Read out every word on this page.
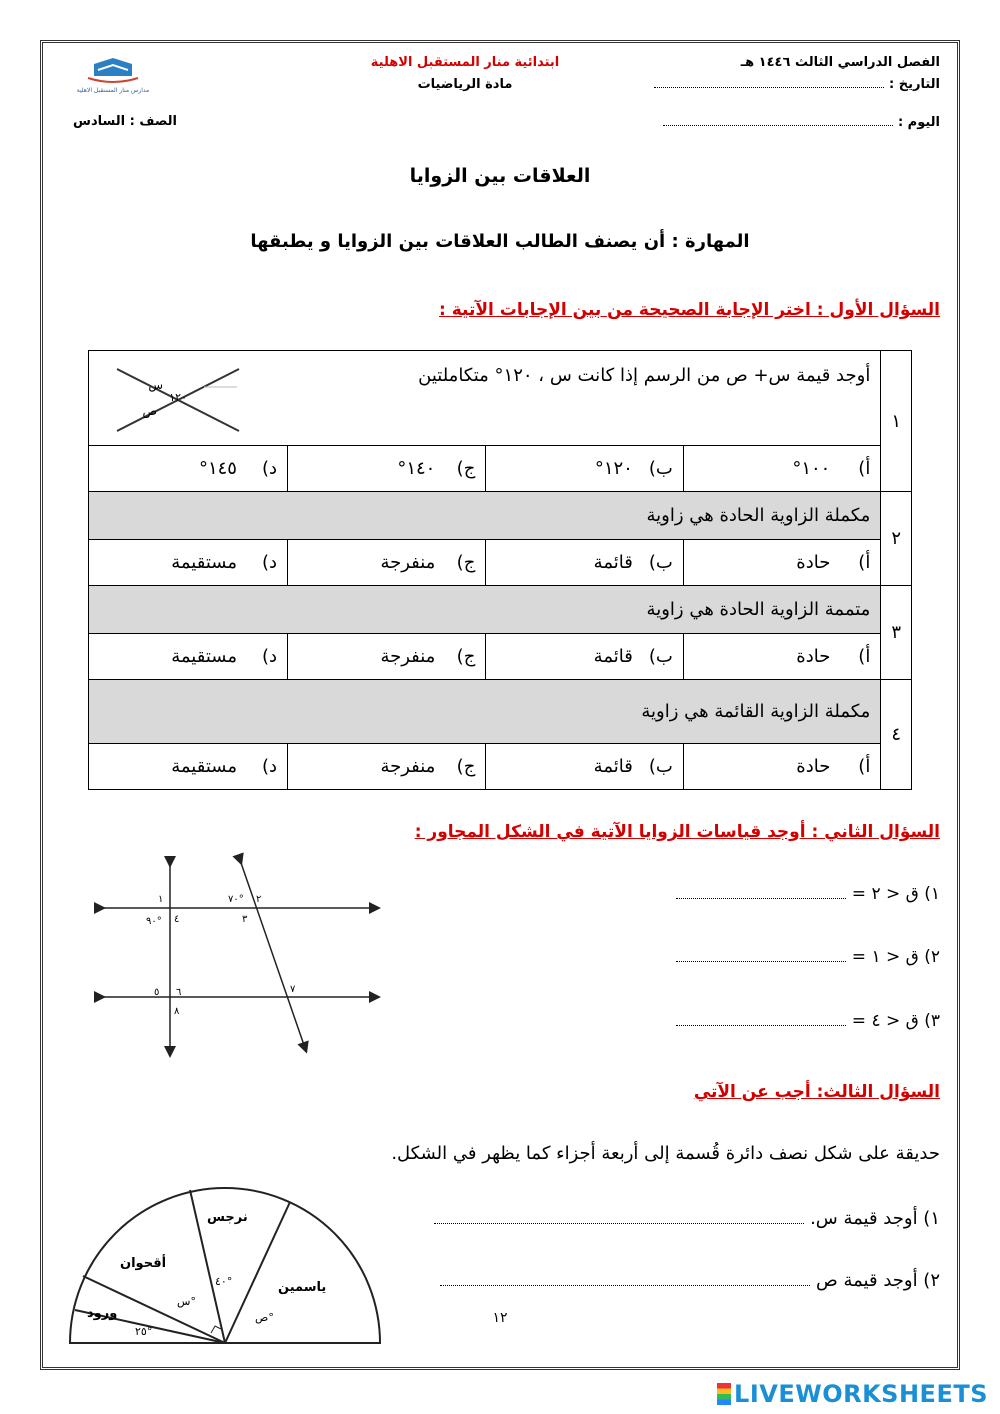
الفصل الدراسي الثالث ١٤٤٦ هـ
التاريخ :
اليوم :
ابتدائية منار المستقبل الاهلية
مادة الرياضيات
الصف : السادس
مدارس منار المستقبل الاهلية
العلاقات بين الزوايا
المهارة : أن يصنف الطالب العلاقات بين الزوايا و يطبقها
السؤال الأول : اختر الإجابة الصحيحة من بين الإجابات الآتية :
١	أوجد قيمة س+ ص من الرسم إذا كانت س ، ١٢٠° متكاملتين
س
١٢٠
ص			

	أ)١٠٠°	ب)١٢٠°	ج)١٤٠°	د)١٤٥°
٢	مكملة الزاوية الحادة هي زاوية			
	أ)حادة	ب)قائمة	ج)منفرجة	د)مستقيمة
٣	متممة الزاوية الحادة هي زاوية			
	أ)حادة	ب)قائمة	ج)منفرجة	د)مستقيمة
٤	مكملة الزاوية القائمة هي زاوية			
	أ)حادة	ب)قائمة	ج)منفرجة	د)مستقيمة
السؤال الثاني : أوجد قياسات الزوايا الآتية في الشكل المجاور :
١) ق < ٢ =
٢) ق < ١ =
٣) ق < ٤ =
١
٩٠° ٤
٧٠° ٢
٣
٥ ٦
٨
٧
السؤال الثالث: أجب عن الآتي
حديقة على شكل نصف دائرة قُسمة إلى أربعة أجزاء كما يظهر في الشكل.
١) أوجد قيمة س.
٢) أوجد قيمة ص
نرجس
أقحوان
ياسمين
ورود
٤٠°
س°
ص°
٢٥°
١٢
LIVEWORKSHEETS
